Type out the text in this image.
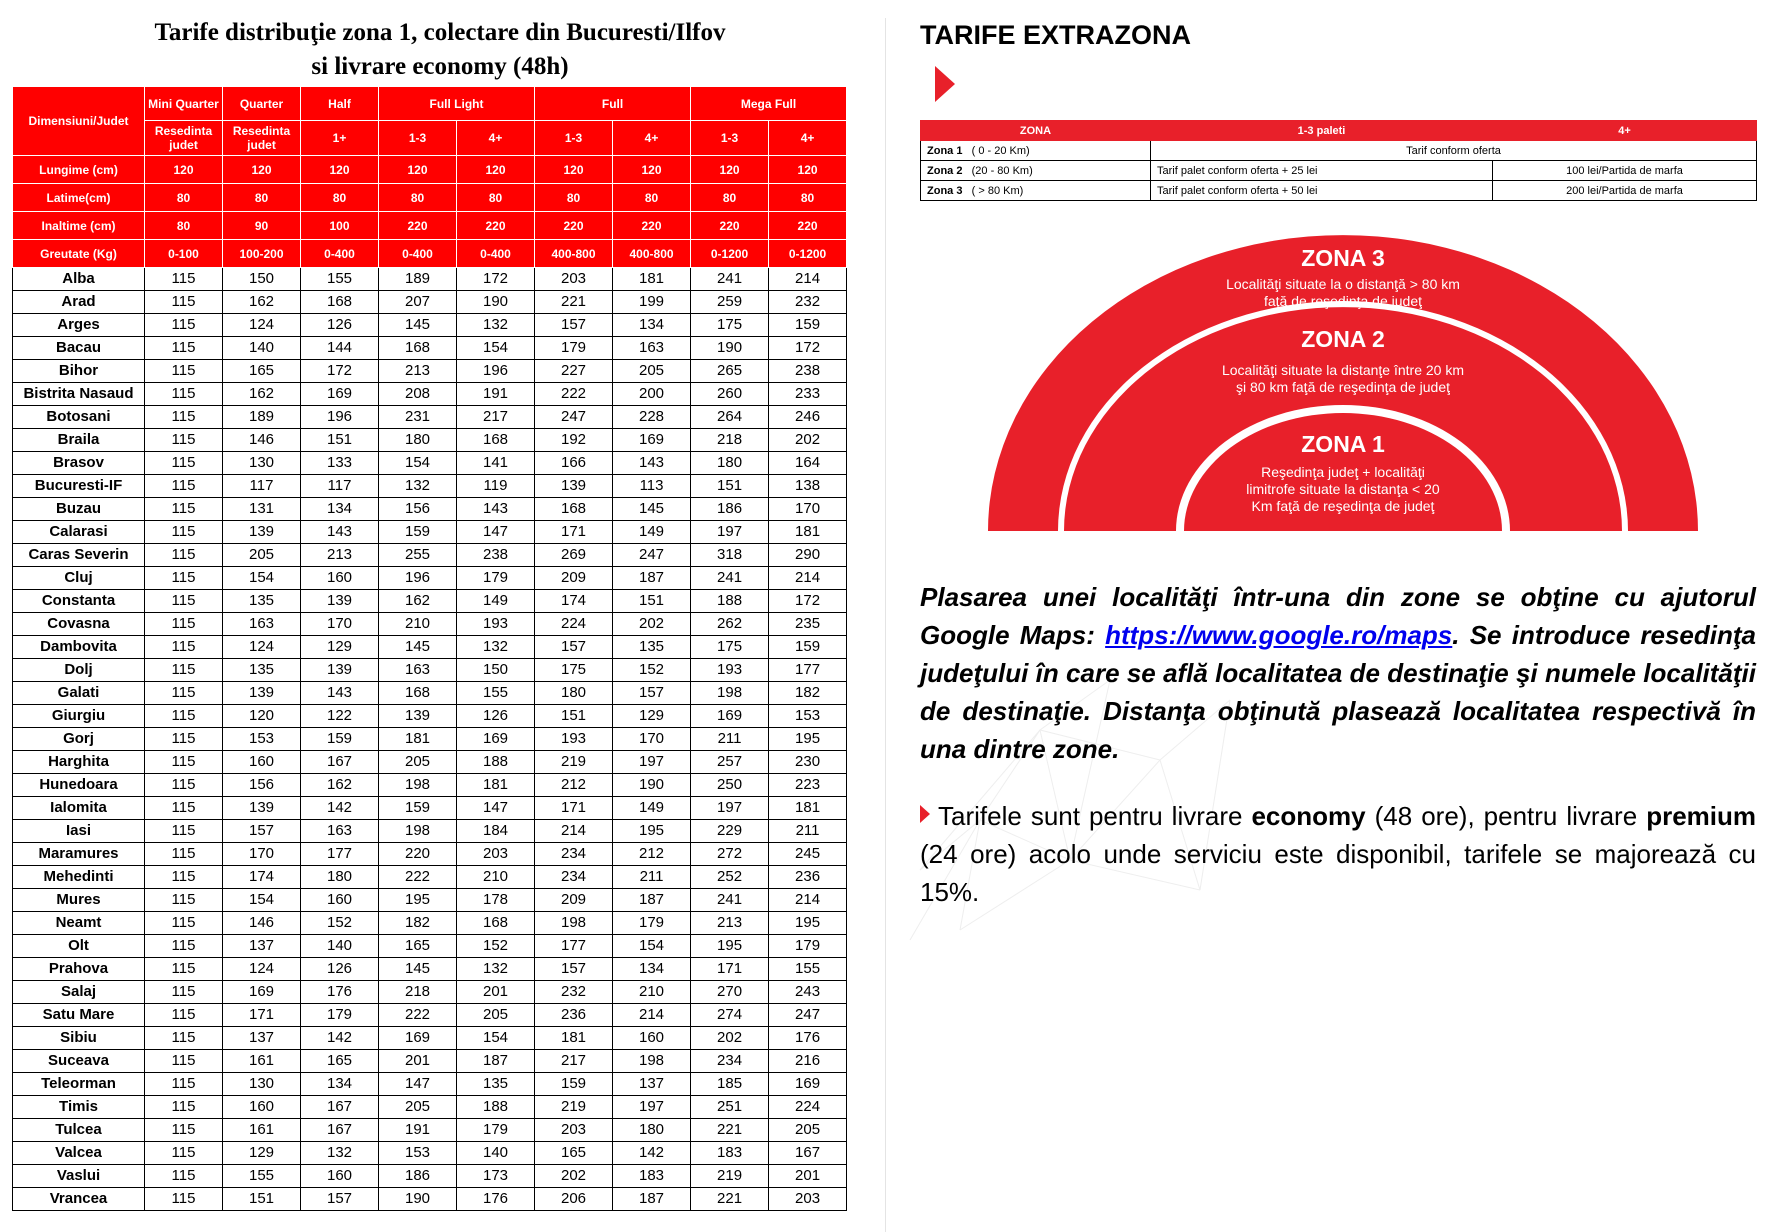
Tarife distribuţie zona 1, colectare din Bucuresti/Ilfov
si livrare economy (48h)
Dimensiuni/Judet	Mini Quarter	Quarter	Half	Full Light		Full		Mega Full	
	Resedinta judet	Resedinta judet	1+	1-3	4+	1-3	4+	1-3	4+
Lungime (cm)	120	120	120	120	120	120	120	120	120
Latime(cm)	80	80	80	80	80	80	80	80	80
Inaltime (cm)	80	90	100	220	220	220	220	220	220
Greutate (Kg)	0-100	100-200	0-400	0-400	0-400	400-800	400-800	0-1200	0-1200
Alba	115	150	155	189	172	203	181	241	214
Arad	115	162	168	207	190	221	199	259	232
Arges	115	124	126	145	132	157	134	175	159
Bacau	115	140	144	168	154	179	163	190	172
Bihor	115	165	172	213	196	227	205	265	238
Bistrita Nasaud	115	162	169	208	191	222	200	260	233
Botosani	115	189	196	231	217	247	228	264	246
Braila	115	146	151	180	168	192	169	218	202
Brasov	115	130	133	154	141	166	143	180	164
Bucuresti-IF	115	117	117	132	119	139	113	151	138
Buzau	115	131	134	156	143	168	145	186	170
Calarasi	115	139	143	159	147	171	149	197	181
Caras Severin	115	205	213	255	238	269	247	318	290
Cluj	115	154	160	196	179	209	187	241	214
Constanta	115	135	139	162	149	174	151	188	172
Covasna	115	163	170	210	193	224	202	262	235
Dambovita	115	124	129	145	132	157	135	175	159
Dolj	115	135	139	163	150	175	152	193	177
Galati	115	139	143	168	155	180	157	198	182
Giurgiu	115	120	122	139	126	151	129	169	153
Gorj	115	153	159	181	169	193	170	211	195
Harghita	115	160	167	205	188	219	197	257	230
Hunedoara	115	156	162	198	181	212	190	250	223
Ialomita	115	139	142	159	147	171	149	197	181
Iasi	115	157	163	198	184	214	195	229	211
Maramures	115	170	177	220	203	234	212	272	245
Mehedinti	115	174	180	222	210	234	211	252	236
Mures	115	154	160	195	178	209	187	241	214
Neamt	115	146	152	182	168	198	179	213	195
Olt	115	137	140	165	152	177	154	195	179
Prahova	115	124	126	145	132	157	134	171	155
Salaj	115	169	176	218	201	232	210	270	243
Satu Mare	115	171	179	222	205	236	214	274	247
Sibiu	115	137	142	169	154	181	160	202	176
Suceava	115	161	165	201	187	217	198	234	216
Teleorman	115	130	134	147	135	159	137	185	169
Timis	115	160	167	205	188	219	197	251	224
Tulcea	115	161	167	191	179	203	180	221	205
Valcea	115	129	132	153	140	165	142	183	167
Vaslui	115	155	160	186	173	202	183	219	201
Vrancea	115	151	157	190	176	206	187	221	203
TARIFE EXTRAZONA
ZONA	1-3 paleti	4+
Zona 1 ( 0 - 20 Km)	Tarif conform oferta	
Zona 2 (20 - 80 Km)	Tarif palet conform oferta + 25 lei	100 lei/Partida de marfa
Zona 3 ( > 80 Km)	Tarif palet conform oferta + 50 lei	200 lei/Partida de marfa
ZONA 3
Localităţi situate la o distanţă > 80 km
faţă de reşedinţa de judeţ
ZONA 2
Localităţi situate la distanţe între 20 km
şi 80 km faţă de reşedinţa de judeţ
ZONA 1
Reşedinţa judeţ + localităţi
limitrofe situate la distanţa < 20
Km faţă de reşedinţa de judeţ
Plasarea unei localităţi într-una din zone se obţine cu ajutorul Google Maps: https://www.google.ro/maps. Se introduce resedinţa judeţului în care se află localitatea de destinaţie şi numele localităţii de destinaţie. Distanţa obţinută plasează localitatea respectivă în una dintre zone.
Tarifele sunt pentru livrare economy (48 ore), pentru livrare premium (24 ore) acolo unde serviciu este disponibil, tarifele se majorează cu 15%.
